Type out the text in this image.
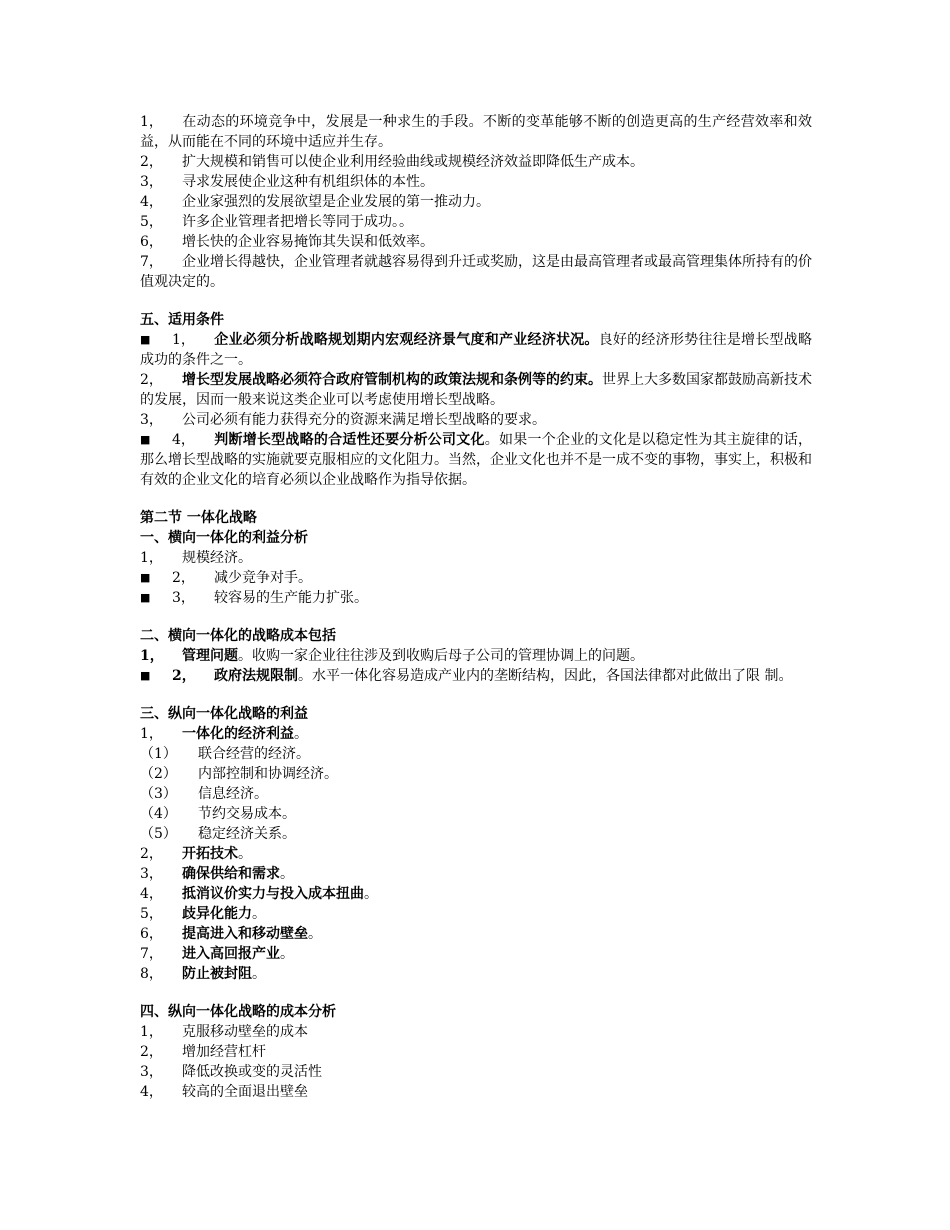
1， 在动态的环境竞争中，发展是一种求生的手段。不断的变革能够不断的创造更高的生产经营效率和效益，从而能在不同的环境中适应并生存。
2， 扩大规模和销售可以使企业利用经验曲线或规模经济效益即降低生产成本。
3， 寻求发展使企业这种有机组织体的本性。
4， 企业家强烈的发展欲望是企业发展的第一推动力。
5， 许多企业管理者把增长等同于成功。。
6， 增长快的企业容易掩饰其失误和低效率。
7， 企业增长得越快，企业管理者就越容易得到升迁或奖励，这是由最高管理者或最高管理集体所持有的价值观决定的。
五、适用条件
■ 1， 企业必须分析战略规划期内宏观经济景气度和产业经济状况。良好的经济形势往往是增长型战略成功的条件之一。
2， 增长型发展战略必须符合政府管制机构的政策法规和条例等的约束。世界上大多数国家都鼓励高新技术的发展，因而一般来说这类企业可以考虑使用增长型战略。
3， 公司必须有能力获得充分的资源来满足增长型战略的要求。
■ 4， 判断增长型战略的合适性还要分析公司文化。如果一个企业的文化是以稳定性为其主旋律的话，那么增长型战略的实施就要克服相应的文化阻力。当然，企业文化也并不是一成不变的事物，事实上，积极和有效的企业文化的培育必须以企业战略作为指导依据。
第二节 一体化战略
一、横向一体化的利益分析
1， 规模经济。
■ 2， 减少竞争对手。
■ 3， 较容易的生产能力扩张。
二、横向一体化的战略成本包括
1， 管理问题。收购一家企业往往涉及到收购后母子公司的管理协调上的问题。
■ 2， 政府法规限制。水平一体化容易造成产业内的垄断结构，因此，各国法律都对此做出了限 制。
三、纵向一体化战略的利益
1， 一体化的经济利益。
（1） 联合经营的经济。
（2） 内部控制和协调经济。
（3） 信息经济。
（4） 节约交易成本。
（5） 稳定经济关系。
2， 开拓技术。
3， 确保供给和需求。
4， 抵消议价实力与投入成本扭曲。
5， 歧异化能力。
6， 提高进入和移动壁垒。
7， 进入高回报产业。
8， 防止被封阻。
四、纵向一体化战略的成本分析
1， 克服移动壁垒的成本
2， 增加经营杠杆
3， 降低改换或变的灵活性
4， 较高的全面退出壁垒
